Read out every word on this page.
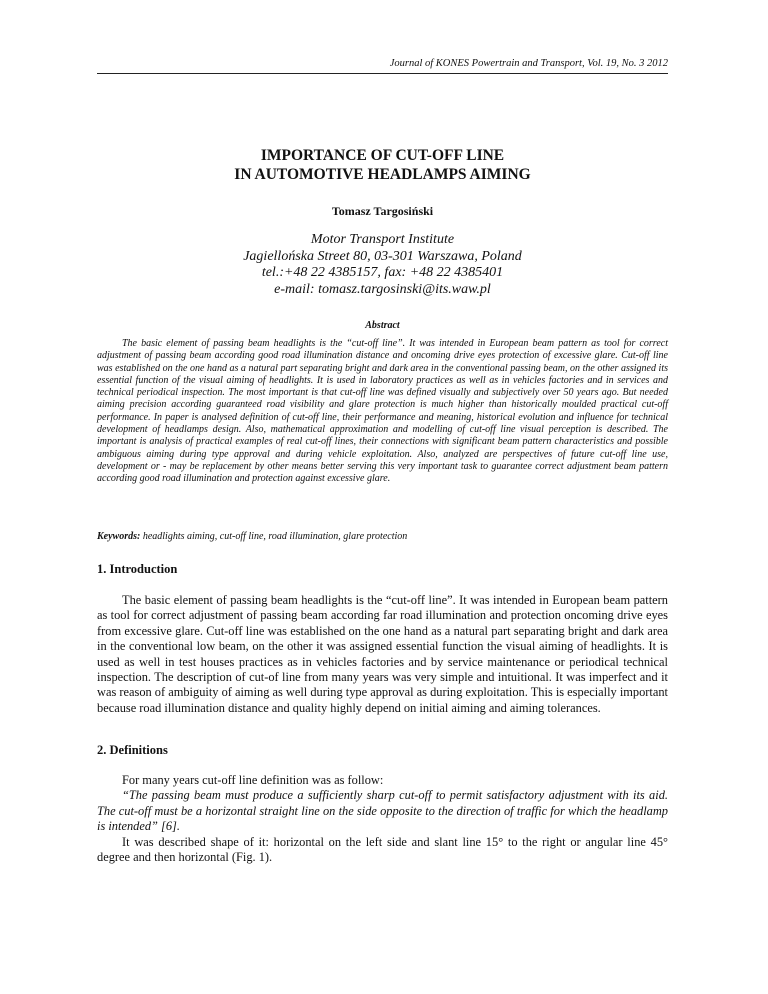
Journal of KONES Powertrain and Transport, Vol. 19, No. 3 2012
IMPORTANCE OF CUT-OFF LINE
IN AUTOMOTIVE HEADLAMPS AIMING
Tomasz Targosiński
Motor Transport Institute
Jagiellońska Street 80, 03-301 Warszawa, Poland
tel.:+48 22 4385157, fax: +48 22 4385401
e-mail: tomasz.targosinski@its.waw.pl
Abstract

The basic element of passing beam headlights is the “cut-off line”. It was intended in European beam pattern as tool for correct adjustment of passing beam according good road illumination distance and oncoming drive eyes protection of excessive glare. Cut-off line was established on the one hand as a natural part separating bright and dark area in the conventional passing beam, on the other assigned its essential function of the visual aiming of headlights. It is used in laboratory practices as well as in vehicles factories and in services and technical periodical inspection. The most important is that cut-off line was defined visually and subjectively over 50 years ago. But needed aiming precision according guaranteed road visibility and glare protection is much higher than historically moulded practical cut-off performance. In paper is analysed definition of cut-off line, their performance and meaning, historical evolution and influence for technical development of headlamps design. Also, mathematical approximation and modelling of cut-off line visual perception is described. The important is analysis of practical examples of real cut-off lines, their connections with significant beam pattern characteristics and possible ambiguous aiming during type approval and during vehicle exploitation. Also, analyzed are perspectives of future cut-off line use, development or - may be replacement by other means better serving this very important task to guarantee correct adjustment beam pattern according good road illumination and protection against excessive glare.

Keywords: headlights aiming, cut-off line, road illumination, glare protection
1. Introduction

The basic element of passing beam headlights is the “cut-off line”. It was intended in European beam pattern as tool for correct adjustment of passing beam according far road illumination and protection oncoming drive eyes from excessive glare. Cut-off line was established on the one hand as a natural part separating bright and dark area in the conventional low beam, on the other it was assigned essential function the visual aiming of headlights. It is used as well in test houses practices as in vehicles factories and by service maintenance or periodical technical inspection. The description of cut-of line from many years was very simple and intuitional. It was imperfect and it was reason of ambiguity of aiming as well during type approval as during exploitation. This is especially important because road illumination distance and quality highly depend on initial aiming and aiming tolerances.

2. Definitions

For many years cut-off line definition was as follow:

“The passing beam must produce a sufficiently sharp cut-off to permit satisfactory adjustment with its aid. The cut-off must be a horizontal straight line on the side opposite to the direction of traffic for which the headlamp is intended” [6].

It was described shape of it: horizontal on the left side and slant line 15° to the right or angular line 45° degree and then horizontal (Fig. 1).
